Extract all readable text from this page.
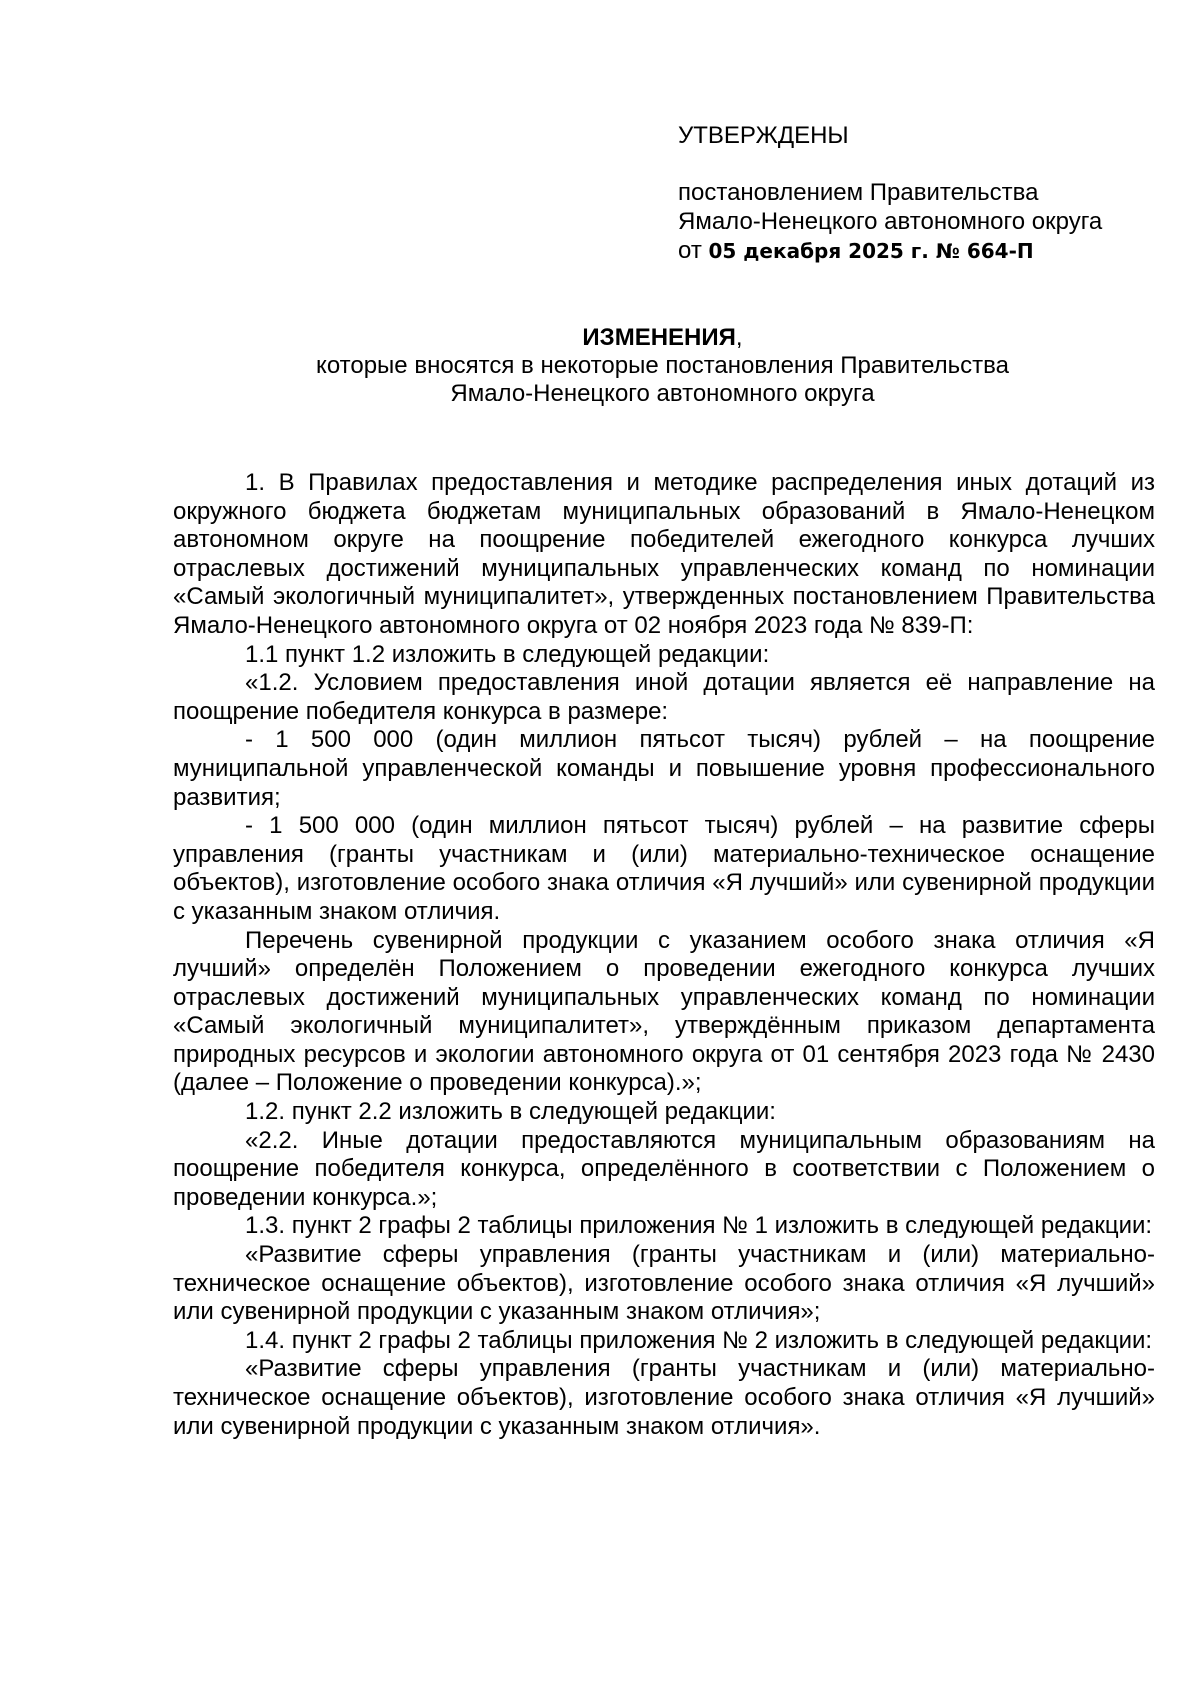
УТВЕРЖДЕНЫ
постановлением Правительства
Ямало-Ненецкого автономного округа
от 05 декабря 2025 г. № 664-П
ИЗМЕНЕНИЯ,
которые вносятся в некоторые постановления Правительства
Ямало-Ненецкого автономного округа

1. В Правилах предоставления и методике распределения иных дотаций из окружного бюджета бюджетам муниципальных образований в Ямало-Ненецком автономном округе на поощрение победителей ежегодного конкурса лучших отраслевых достижений муниципальных управленческих команд по номинации «Самый экологичный муниципалитет», утвержденных постановлением Правительства Ямало-Ненецкого автономного округа от 02 ноября 2023 года № 839-П:

1.1 пункт 1.2 изложить в следующей редакции:

«1.2. Условием предоставления иной дотации является её направление на поощрение победителя конкурса в размере:

- 1 500 000 (один миллион пятьсот тысяч) рублей – на поощрение муниципальной управленческой команды и повышение уровня профессионального развития;

- 1 500 000 (один миллион пятьсот тысяч) рублей – на развитие сферы управления (гранты участникам и (или) материально-техническое оснащение объектов), изготовление особого знака отличия «Я лучший» или сувенирной продукции с указанным знаком отличия.

Перечень сувенирной продукции с указанием особого знака отличия «Я лучший» определён Положением о проведении ежегодного конкурса лучших отраслевых достижений муниципальных управленческих команд по номинации «Самый экологичный муниципалитет», утверждённым приказом департамента природных ресурсов и экологии автономного округа от 01 сентября 2023 года № 2430 (далее – Положение о проведении конкурса).»;

1.2. пункт 2.2 изложить в следующей редакции:

«2.2. Иные дотации предоставляются муниципальным образованиям на поощрение победителя конкурса, определённого в соответствии с Положением о проведении конкурса.»;

1.3. пункт 2 графы 2 таблицы приложения № 1 изложить в следующей редакции:

«Развитие сферы управления (гранты участникам и (или) материально-техническое оснащение объектов), изготовление особого знака отличия «Я лучший» или сувенирной продукции с указанным знаком отличия»;

1.4. пункт 2 графы 2 таблицы приложения № 2 изложить в следующей редакции:

«Развитие сферы управления (гранты участникам и (или) материально-техническое оснащение объектов), изготовление особого знака отличия «Я лучший» или сувенирной продукции с указанным знаком отличия».
